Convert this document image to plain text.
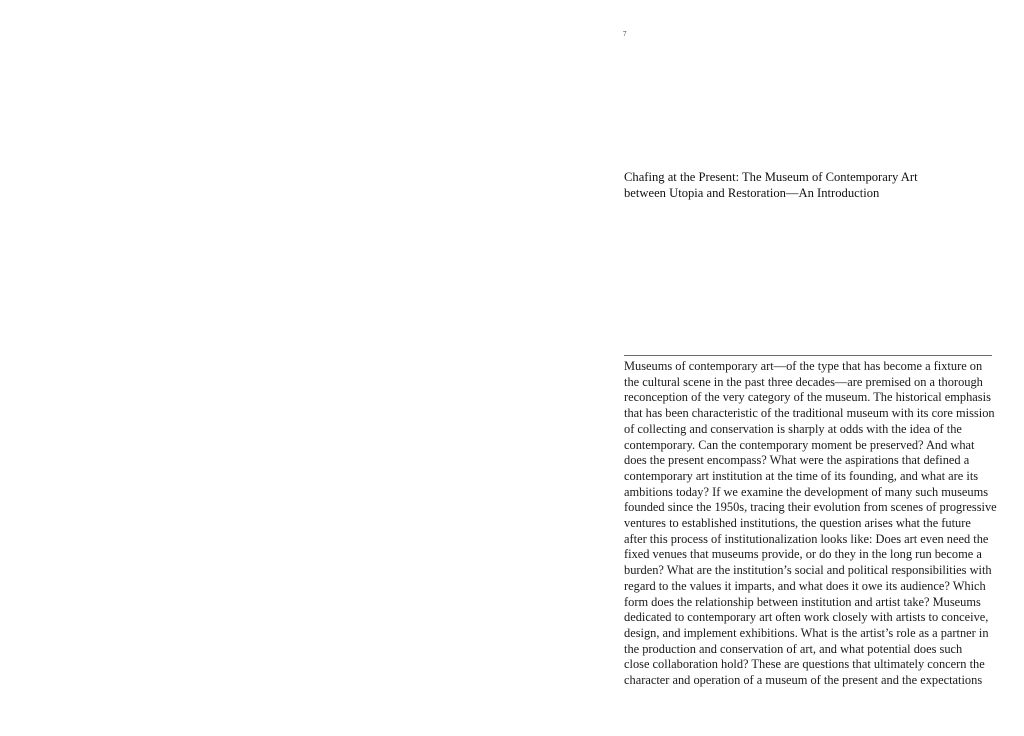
7
Chafing at the Present: The Museum of Contemporary Art
between Utopia and Restoration—An Introduction

Museums of contemporary art—of the type that has become a fixture on
the cultural scene in the past three decades—are premised on a thorough
reconception of the very category of the museum. The historical emphasis
that has been characteristic of the traditional museum with its core mission
of collecting and conservation is sharply at odds with the idea of the
contemporary. Can the contemporary moment be preserved? And what
does the present encompass? What were the aspirations that defined a
contemporary art institution at the time of its founding, and what are its
ambitions today? If we examine the development of many such museums
founded since the 1950s, tracing their evolution from scenes of progressive
ventures to established institutions, the question arises what the future
after this process of institutionalization looks like: Does art even need the
fixed venues that museums provide, or do they in the long run become a
burden? What are the institution’s social and political responsibilities with
regard to the values it imparts, and what does it owe its audience? Which
form does the relationship between institution and artist take? Museums
dedicated to contemporary art often work closely with artists to conceive,
design, and implement exhibitions. What is the artist’s role as a partner in
the production and conservation of art, and what potential does such
close collaboration hold? These are questions that ultimately concern the
character and operation of a museum of the present and the expectations
